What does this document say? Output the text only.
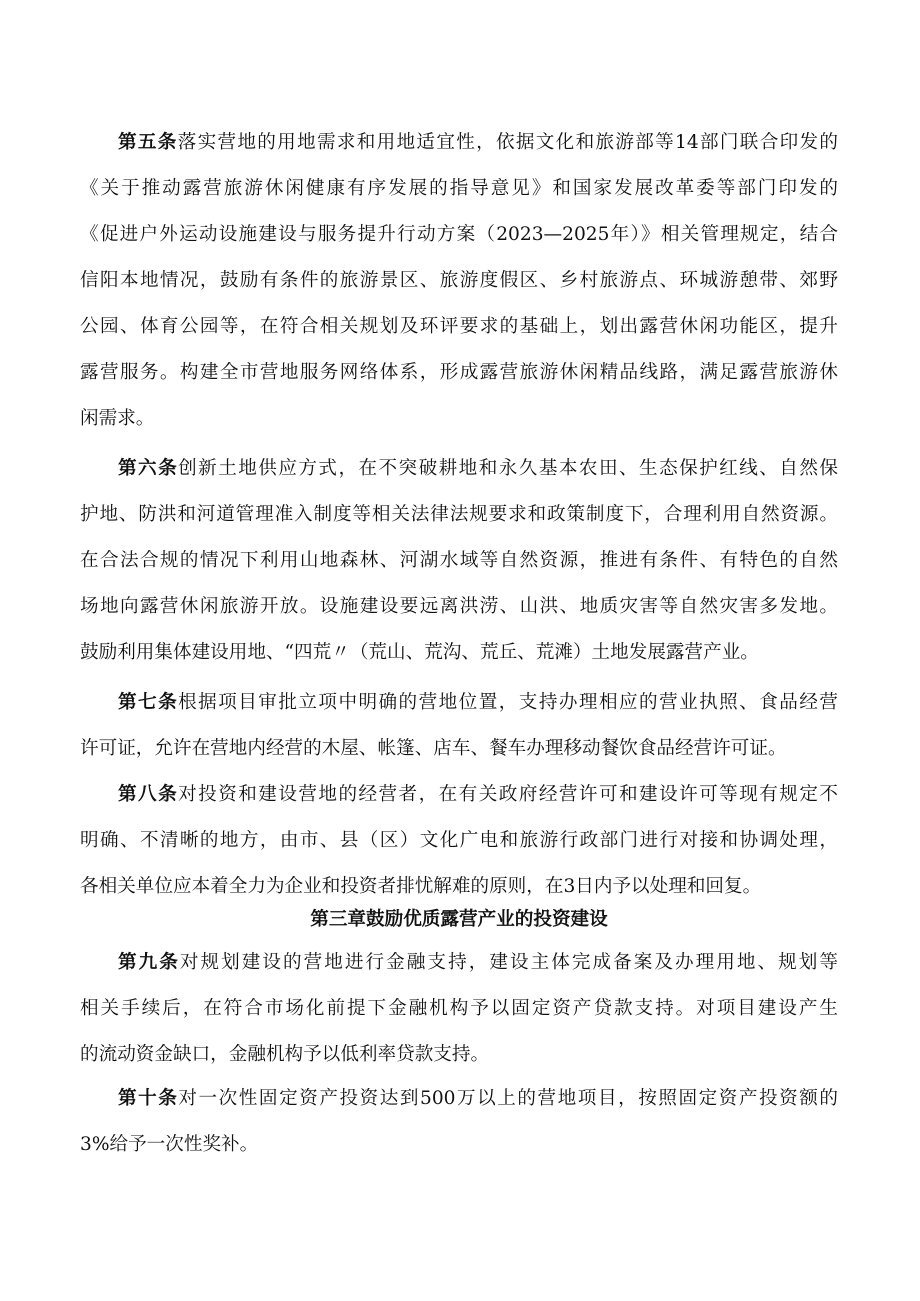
第五条落实营地的用地需求和用地适宜性，依据文化和旅游部等14部门联合印发的
《关于推动露营旅游休闲健康有序发展的指导意见》和国家发展改革委等部门印发的
《促进户外运动设施建设与服务提升行动方案（2023—2025年）》相关管理规定，结合
信阳本地情况，鼓励有条件的旅游景区、旅游度假区、乡村旅游点、环城游憩带、郊野
公园、体育公园等，在符合相关规划及环评要求的基础上，划出露营休闲功能区，提升
露营服务。构建全市营地服务网络体系，形成露营旅游休闲精品线路，满足露营旅游休
闲需求。
第六条创新土地供应方式，在不突破耕地和永久基本农田、生态保护红线、自然保
护地、防洪和河道管理准入制度等相关法律法规要求和政策制度下，合理利用自然资源。
在合法合规的情况下利用山地森林、河湖水域等自然资源，推进有条件、有特色的自然
场地向露营休闲旅游开放。设施建设要远离洪涝、山洪、地质灾害等自然灾害多发地。
鼓励利用集体建设用地、“四荒〃（荒山、荒沟、荒丘、荒滩）土地发展露营产业。
第七条根据项目审批立项中明确的营地位置，支持办理相应的营业执照、食品经营
许可证，允许在营地内经营的木屋、帐篷、店车、餐车办理移动餐饮食品经营许可证。
第八条对投资和建设营地的经营者，在有关政府经营许可和建设许可等现有规定不
明确、不清晰的地方，由市、县（区）文化广电和旅游行政部门进行对接和协调处理，
各相关单位应本着全力为企业和投资者排忧解难的原则，在3日内予以处理和回复。
第三章鼓励优质露营产业的投资建设
第九条对规划建设的营地进行金融支持，建设主体完成备案及办理用地、规划等
相关手续后，在符合市场化前提下金融机构予以固定资产贷款支持。对项目建设产生
的流动资金缺口，金融机构予以低利率贷款支持。
第十条对一次性固定资产投资达到500万以上的营地项目，按照固定资产投资额的
3%给予一次性奖补。
